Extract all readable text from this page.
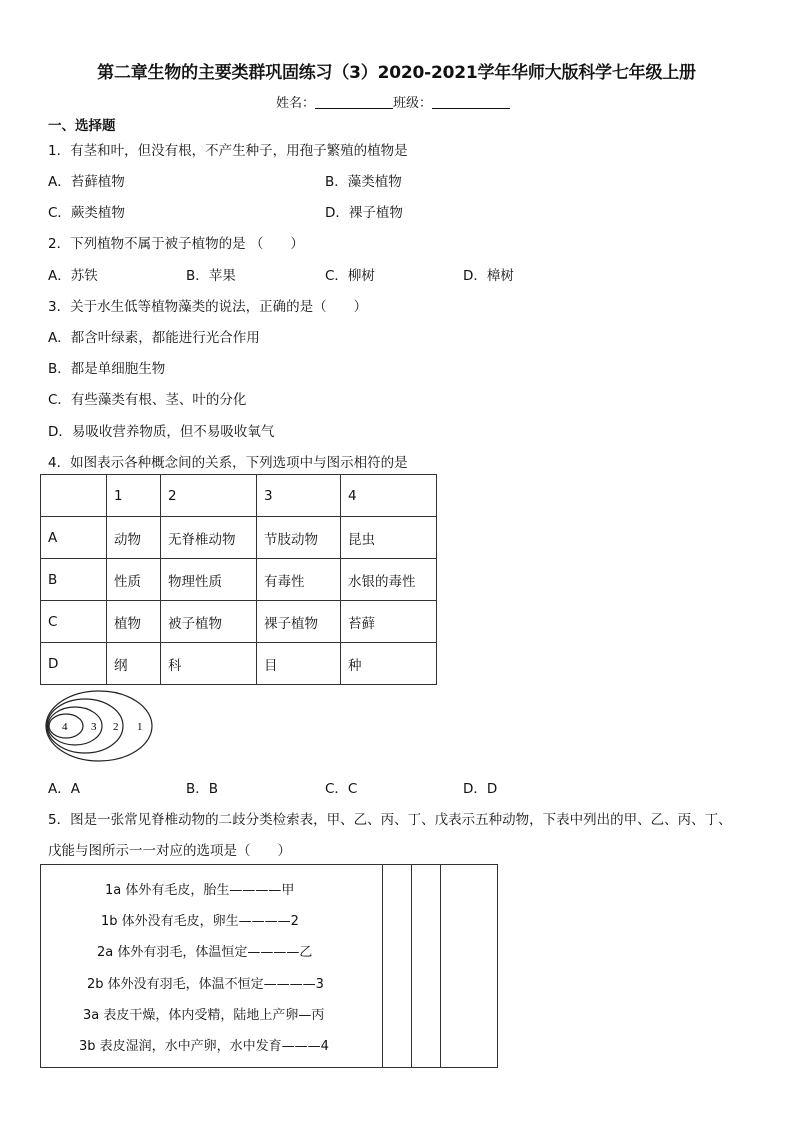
第二章生物的主要类群巩固练习（3）2020-2021学年华师大版科学七年级上册
姓名：	班级：
一、选择题
1．有茎和叶，但没有根，不产生种子，用孢子繁殖的植物是
A．苔藓植物	B．藻类植物
C．蕨类植物	D．裸子植物
2．下列植物不属于被子植物的是 （　　）
A．苏铁	B．苹果	C．柳树	D．樟树
3．关于水生低等植物藻类的说法，正确的是（　　）
A．都含叶绿素，都能进行光合作用
B．都是单细胞生物
C．有些藻类有根、茎、叶的分化
D．易吸收营养物质，但不易吸收氧气
4．如图表示各种概念间的关系，下列选项中与图示相符的是
	1	2	3	4
A	动物	无脊椎动物	节肢动物	昆虫
B	性质	物理性质	有毒性	水银的毒性
C	植物	被子植物	裸子植物	苔藓
D	纲	科	目	种
4 3 2 1
A．A	B．B	C．C	D．D
5．图是一张常见脊椎动物的二歧分类检索表，甲、乙、丙、丁、戊表示五种动物，下表中列出的甲、乙、丙、丁、
戊能与图所示一一对应的选项是（　　）
1a 体外有毛皮，胎生————甲
1b 体外没有毛皮，卵生————2
2a 体外有羽毛，体温恒定————乙
2b 体外没有羽毛，体温不恒定————3
3a 表皮干燥，体内受精，陆地上产卵—丙
3b 表皮湿润，水中产卵，水中发育———4
